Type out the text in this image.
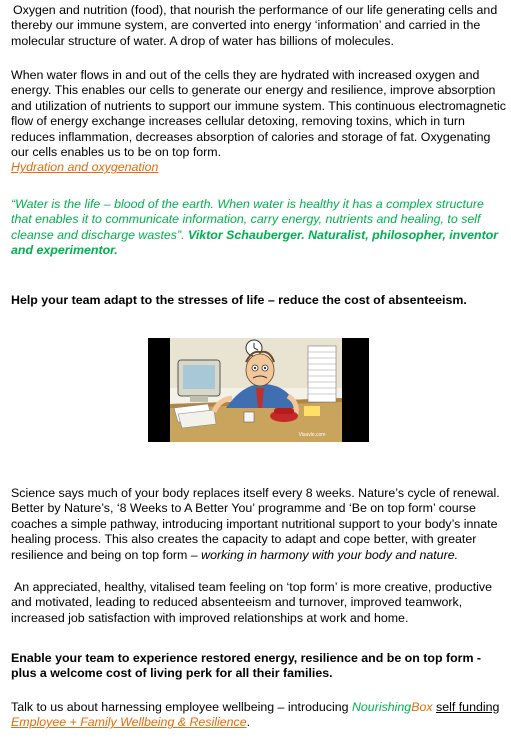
Oxygen and nutrition (food), that nourish the performance of our life generating cells and thereby our immune system, are converted into energy ‘information’ and carried in the molecular structure of water. A drop of water has billions of molecules.

When water flows in and out of the cells they are hydrated with increased oxygen and energy. This enables our cells to generate our energy and resilience, improve absorption and utilization of nutrients to support our immune system. This continuous electromagnetic flow of energy exchange increases cellular detoxing, removing toxins, which in turn reduces inflammation, decreases absorption of calories and storage of fat. Oxygenating our cells enables us to be on top form.
Hydration and oxygenation

“Water is the life – blood of the earth. When water is healthy it has a complex structure that enables it to communicate information, carry energy, nutrients and healing, to self cleanse and discharge wastes”. Viktor Schauberger. Naturalist, philosopher, inventor and experimentor.

Help your team adapt to the stresses of life – reduce the cost of absenteeism.

Visavlo.com

Science says much of your body replaces itself every 8 weeks. Nature’s cycle of renewal. Better by Nature’s, ‘8 Weeks to A Better You’ programme and ‘Be on top form’ course coaches a simple pathway, introducing important nutritional support to your body’s innate healing process. This also creates the capacity to adapt and cope better, with greater resilience and being on top form – working in harmony with your body and nature.

An appreciated, healthy, vitalised team feeling on ‘top form’ is more creative, productive and motivated, leading to reduced absenteeism and turnover, improved teamwork, increased job satisfaction with improved relationships at work and home.

Enable your team to experience restored energy, resilience and be on top form - plus a welcome cost of living perk for all their families.

Talk to us about harnessing employee wellbeing – introducing NourishingBox self funding
Employee + Family Wellbeing & Resilience.
